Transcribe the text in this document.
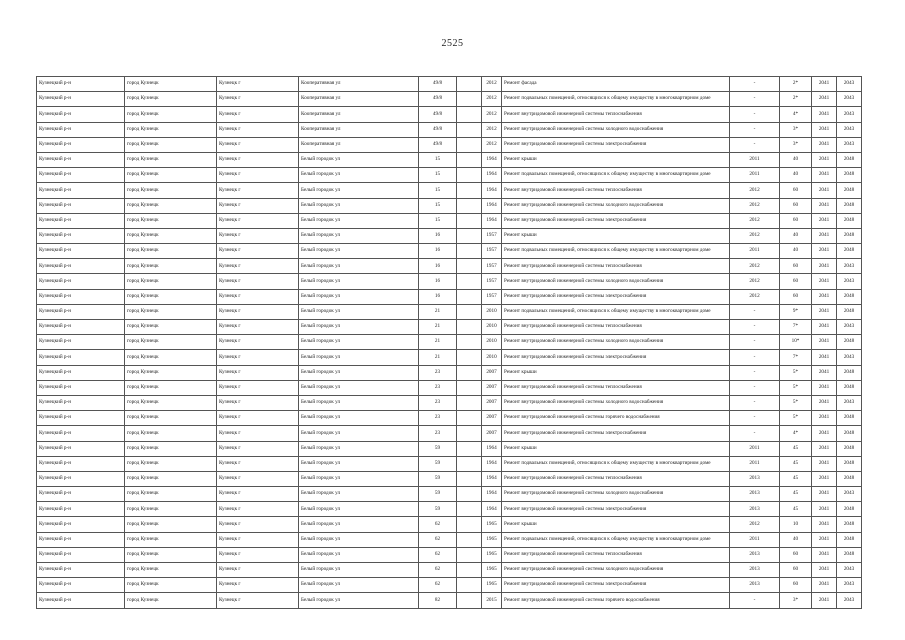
2525
Кузнецкий р-н	город Кузнецк	Кузнецк г	Кооперативная ул	49/8		2012	Ремонт фасада	-	2*	2041	2043
Кузнецкий р-н	город Кузнецк	Кузнецк г	Кооперативная ул	49/8		2012	Ремонт подвальных помещений, относящихся к общему имуществу в многоквартирном доме	-	2*	2041	2043
Кузнецкий р-н	город Кузнецк	Кузнецк г	Кооперативная ул	49/8		2012	Ремонт внутридомовой инженерной системы теплоснабжения	-	4*	2041	2043
Кузнецкий р-н	город Кузнецк	Кузнецк г	Кооперативная ул	49/8		2012	Ремонт внутридомовой инженерной системы холодного водоснабжения	-	3*	2041	2043
Кузнецкий р-н	город Кузнецк	Кузнецк г	Кооперативная ул	49/8		2012	Ремонт внутридомовой инженерной системы электроснабжения	-	3*	2041	2043
Кузнецкий р-н	город Кузнецк	Кузнецк г	Белый городок ул	15		1964	Ремонт крыши	2011	40	2041	2048
Кузнецкий р-н	город Кузнецк	Кузнецк г	Белый городок ул	15		1964	Ремонт подвальных помещений, относящихся к общему имуществу в многоквартирном доме	2011	40	2041	2048
Кузнецкий р-н	город Кузнецк	Кузнецк г	Белый городок ул	15		1964	Ремонт внутридомовой инженерной системы теплоснабжения	2012	60	2041	2048
Кузнецкий р-н	город Кузнецк	Кузнецк г	Белый городок ул	15		1964	Ремонт внутридомовой инженерной системы холодного водоснабжения	2012	60	2041	2048
Кузнецкий р-н	город Кузнецк	Кузнецк г	Белый городок ул	15		1964	Ремонт внутридомовой инженерной системы электроснабжения	2012	60	2041	2048
Кузнецкий р-н	город Кузнецк	Кузнецк г	Белый городок ул	16		1957	Ремонт крыши	2012	40	2041	2048
Кузнецкий р-н	город Кузнецк	Кузнецк г	Белый городок ул	16		1957	Ремонт подвальных помещений, относящихся к общему имуществу в многоквартирном доме	2011	40	2041	2048
Кузнецкий р-н	город Кузнецк	Кузнецк г	Белый городок ул	16		1957	Ремонт внутридомовой инженерной системы теплоснабжения	2012	60	2041	2043
Кузнецкий р-н	город Кузнецк	Кузнецк г	Белый городок ул	16		1957	Ремонт внутридомовой инженерной системы холодного водоснабжения	2012	60	2041	2043
Кузнецкий р-н	город Кузнецк	Кузнецк г	Белый городок ул	16		1957	Ремонт внутридомовой инженерной системы электроснабжения	2012	60	2041	2048
Кузнецкий р-н	город Кузнецк	Кузнецк г	Белый городок ул	21		2010	Ремонт подвальных помещений, относящихся к общему имуществу в многоквартирном доме	-	9*	2041	2048
Кузнецкий р-н	город Кузнецк	Кузнецк г	Белый городок ул	21		2010	Ремонт внутридомовой инженерной системы теплоснабжения	-	7*	2041	2043
Кузнецкий р-н	город Кузнецк	Кузнецк г	Белый городок ул	21		2010	Ремонт внутридомовой инженерной системы холодного водоснабжения	-	10*	2041	2048
Кузнецкий р-н	город Кузнецк	Кузнецк г	Белый городок ул	21		2010	Ремонт внутридомовой инженерной системы электроснабжения	-	7*	2041	2043
Кузнецкий р-н	город Кузнецк	Кузнецк г	Белый городок ул	23		2007	Ремонт крыши	-	5*	2041	2048
Кузнецкий р-н	город Кузнецк	Кузнецк г	Белый городок ул	23		2007	Ремонт внутридомовой инженерной системы теплоснабжения	-	5*	2041	2048
Кузнецкий р-н	город Кузнецк	Кузнецк г	Белый городок ул	23		2007	Ремонт внутридомовой инженерной системы холодного водоснабжения	-	5*	2041	2043
Кузнецкий р-н	город Кузнецк	Кузнецк г	Белый городок ул	23		2007	Ремонт внутридомовой инженерной системы горячего водоснабжения	-	5*	2041	2048
Кузнецкий р-н	город Кузнецк	Кузнецк г	Белый городок ул	23		2007	Ремонт внутридомовой инженерной системы электроснабжения	-	4*	2041	2048
Кузнецкий р-н	город Кузнецк	Кузнецк г	Белый городок ул	59		1964	Ремонт крыши	2011	45	2041	2048
Кузнецкий р-н	город Кузнецк	Кузнецк г	Белый городок ул	59		1964	Ремонт подвальных помещений, относящихся к общему имуществу в многоквартирном доме	2011	45	2041	2048
Кузнецкий р-н	город Кузнецк	Кузнецк г	Белый городок ул	59		1964	Ремонт внутридомовой инженерной системы теплоснабжения	2013	45	2041	2048
Кузнецкий р-н	город Кузнецк	Кузнецк г	Белый городок ул	59		1964	Ремонт внутридомовой инженерной системы холодного водоснабжения	2013	45	2041	2043
Кузнецкий р-н	город Кузнецк	Кузнецк г	Белый городок ул	59		1964	Ремонт внутридомовой инженерной системы электроснабжения	2013	45	2041	2048
Кузнецкий р-н	город Кузнецк	Кузнецк г	Белый городок ул	62		1965	Ремонт крыши	2012	10	2041	2048
Кузнецкий р-н	город Кузнецк	Кузнецк г	Белый городок ул	62		1965	Ремонт подвальных помещений, относящихся к общему имуществу в многоквартирном доме	2011	40	2041	2048
Кузнецкий р-н	город Кузнецк	Кузнецк г	Белый городок ул	62		1965	Ремонт внутридомовой инженерной системы теплоснабжения	2013	60	2041	2048
Кузнецкий р-н	город Кузнецк	Кузнецк г	Белый городок ул	62		1965	Ремонт внутридомовой инженерной системы холодного водоснабжения	2013	60	2041	2043
Кузнецкий р-н	город Кузнецк	Кузнецк г	Белый городок ул	62		1965	Ремонт внутридомовой инженерной системы электроснабжения	2013	60	2041	2043
Кузнецкий р-н	город Кузнецк	Кузнецк г	Белый городок ул	82		2015	Ремонт внутридомовой инженерной системы горячего водоснабжения	-	3*	2041	2043
